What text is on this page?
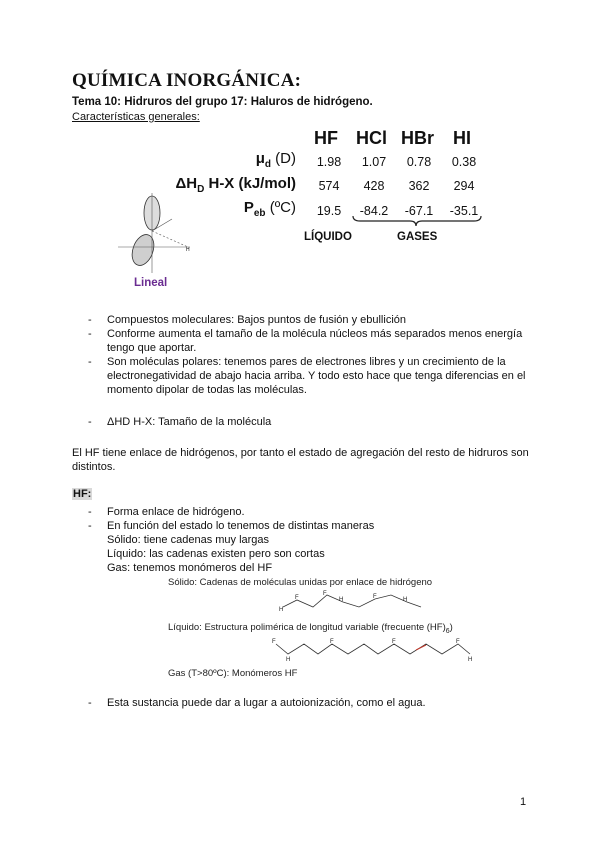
QUÍMICA INORGÁNICA:
Tema 10: Hidruros del grupo 17: Haluros de hidrógeno.
Características generales:
HF HCl HBr HI
$\mu_d$ (D)	1.98	1.07	0.78	0.38
$\Delta H_D$ H-X (kJ/mol)	574	428	362	294
$P_{eb}$ (ºC)	19.5	-84.2	-67.1	-35.1
LÍQUIDO	GASES
H
Lineal
- Compuestos moleculares: Bajos puntos de fusión y ebullición
- Conforme aumenta el tamaño de la molécula núcleos más separados menos energía tengo que aportar.
- Son moléculas polares: tenemos pares de electrones libres y un crecimiento de la electronegatividad de abajo hacia arriba. Y todo esto hace que tenga diferencias en el momento dipolar de todas las moléculas.
- ΔHD H-X: Tamaño de la molécula
El HF tiene enlace de hidrógenos, por tanto el estado de agregación del resto de hidruros son distintos.
HF:
- Forma enlace de hidrógeno.
- En función del estado lo tenemos de distintas maneras
Sólido: tiene cadenas muy largas
Líquido: las cadenas existen pero son cortas
Gas: tenemos monómeros del HF
Sólido: Cadenas de moléculas unidas por enlace de hidrógeno
H
F
F
H	F	H
Líquido: Estructura polimérica de longitud variable (frecuente $(HF)_6$)
F
H
F	F	F
H
Gas (T>80ºC): Monómeros HF
- Esta sustancia puede dar a lugar a autoionización, como el agua.
1
